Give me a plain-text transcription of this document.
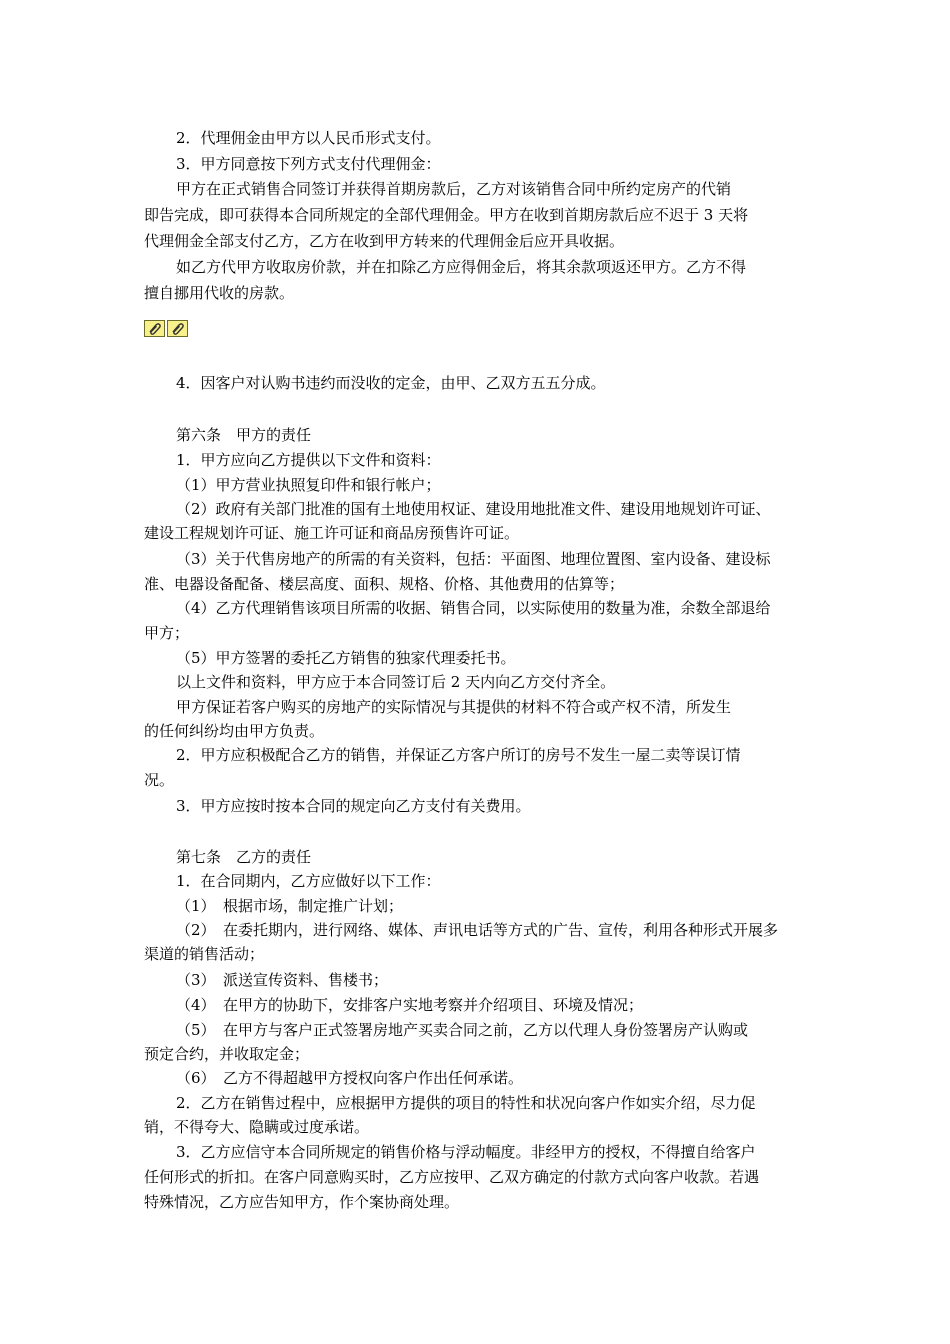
2．代理佣金由甲方以人民币形式支付。
3．甲方同意按下列方式支付代理佣金：
甲方在正式销售合同签订并获得首期房款后，乙方对该销售合同中所约定房产的代销
即告完成，即可获得本合同所规定的全部代理佣金。甲方在收到首期房款后应不迟于 3 天将
代理佣金全部支付乙方，乙方在收到甲方转来的代理佣金后应开具收据。
如乙方代甲方收取房价款，并在扣除乙方应得佣金后，将其余款项返还甲方。乙方不得
擅自挪用代收的房款。
4．因客户对认购书违约而没收的定金，由甲、乙双方五五分成。
第六条　甲方的责任
1．甲方应向乙方提供以下文件和资料：
（1）甲方营业执照复印件和银行帐户；
（2）政府有关部门批准的国有土地使用权证、建设用地批准文件、建设用地规划许可证、
建设工程规划许可证、施工许可证和商品房预售许可证。
（3）关于代售房地产的所需的有关资料，包括：平面图、地理位置图、室内设备、建设标
准、电器设备配备、楼层高度、面积、规格、价格、其他费用的估算等；
（4）乙方代理销售该项目所需的收据、销售合同，以实际使用的数量为准，余数全部退给
甲方；
（5）甲方签署的委托乙方销售的独家代理委托书。
以上文件和资料，甲方应于本合同签订后 2 天内向乙方交付齐全。
甲方保证若客户购买的房地产的实际情况与其提供的材料不符合或产权不清，所发生
的任何纠纷均由甲方负责。
2．甲方应积极配合乙方的销售，并保证乙方客户所订的房号不发生一屋二卖等误订情
况。
3．甲方应按时按本合同的规定向乙方支付有关费用。
第七条　乙方的责任
1．在合同期内，乙方应做好以下工作：
（1）　根据市场，制定推广计划；
（2）　在委托期内，进行网络、媒体、声讯电话等方式的广告、宣传，利用各种形式开展多
渠道的销售活动；
（3）　派送宣传资料、售楼书；
（4）　在甲方的协助下，安排客户实地考察并介绍项目、环境及情况；
（5）　在甲方与客户正式签署房地产买卖合同之前，乙方以代理人身份签署房产认购或
预定合约，并收取定金；
（6）　乙方不得超越甲方授权向客户作出任何承诺。
2．乙方在销售过程中，应根据甲方提供的项目的特性和状况向客户作如实介绍，尽力促
销，不得夸大、隐瞒或过度承诺。
3．乙方应信守本合同所规定的销售价格与浮动幅度。非经甲方的授权，不得擅自给客户
任何形式的折扣。在客户同意购买时，乙方应按甲、乙双方确定的付款方式向客户收款。若遇
特殊情况，乙方应告知甲方，作个案协商处理。
